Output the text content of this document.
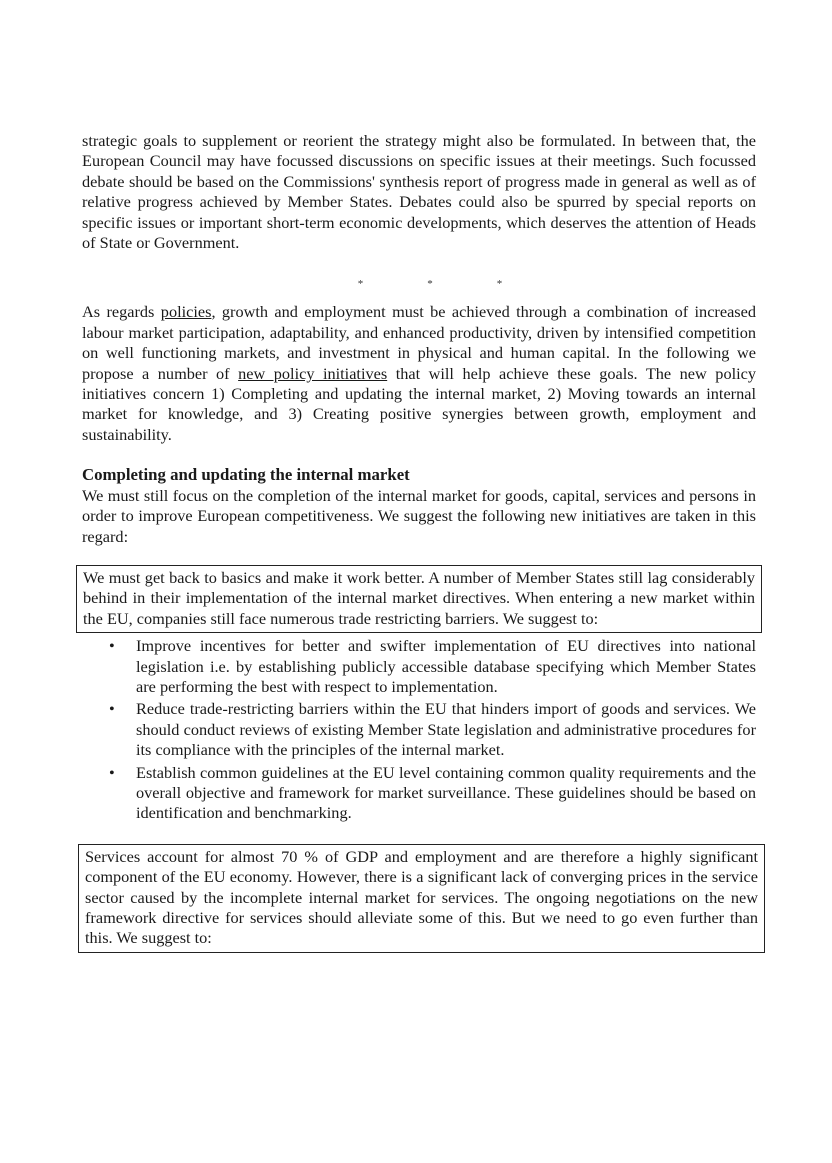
strategic goals to supplement or reorient the strategy might also be formulated. In between that, the European Council may have focussed discussions on specific issues at their meetings. Such focussed debate should be based on the Commissions' synthesis report of progress made in general as well as of relative progress achieved by Member States. Debates could also be spurred by special reports on specific issues or important short-term economic developments, which deserves the attention of Heads of State or Government.

*	*	*

As regards policies, growth and employment must be achieved through a combination of increased labour market participation, adaptability, and enhanced productivity, driven by intensified competition on well functioning markets, and investment in physical and human capital. In the following we propose a number of new policy initiatives that will help achieve these goals. The new policy initiatives concern 1) Completing and updating the internal market, 2) Moving towards an internal market for knowledge, and 3) Creating positive synergies between growth, employment and sustainability.

Completing and updating the internal market

We must still focus on the completion of the internal market for goods, capital, services and persons in order to improve European competitiveness. We suggest the following new initiatives are taken in this regard:

We must get back to basics and make it work better. A number of Member States still lag considerably behind in their implementation of the internal market directives. When entering a new market within the EU, companies still face numerous trade restricting barriers. We suggest to:

• Improve incentives for better and swifter implementation of EU directives into national legislation i.e. by establishing publicly accessible database specifying which Member States are performing the best with respect to implementation.
• Reduce trade-restricting barriers within the EU that hinders import of goods and services. We should conduct reviews of existing Member State legislation and administrative procedures for its compliance with the principles of the internal market.
• Establish common guidelines at the EU level containing common quality requirements and the overall objective and framework for market surveillance. These guidelines should be based on identification and benchmarking.

Services account for almost 70 % of GDP and employment and are therefore a highly significant component of the EU economy. However, there is a significant lack of converging prices in the service sector caused by the incomplete internal market for services. The ongoing negotiations on the new framework directive for services should alleviate some of this. But we need to go even further than this. We suggest to:
